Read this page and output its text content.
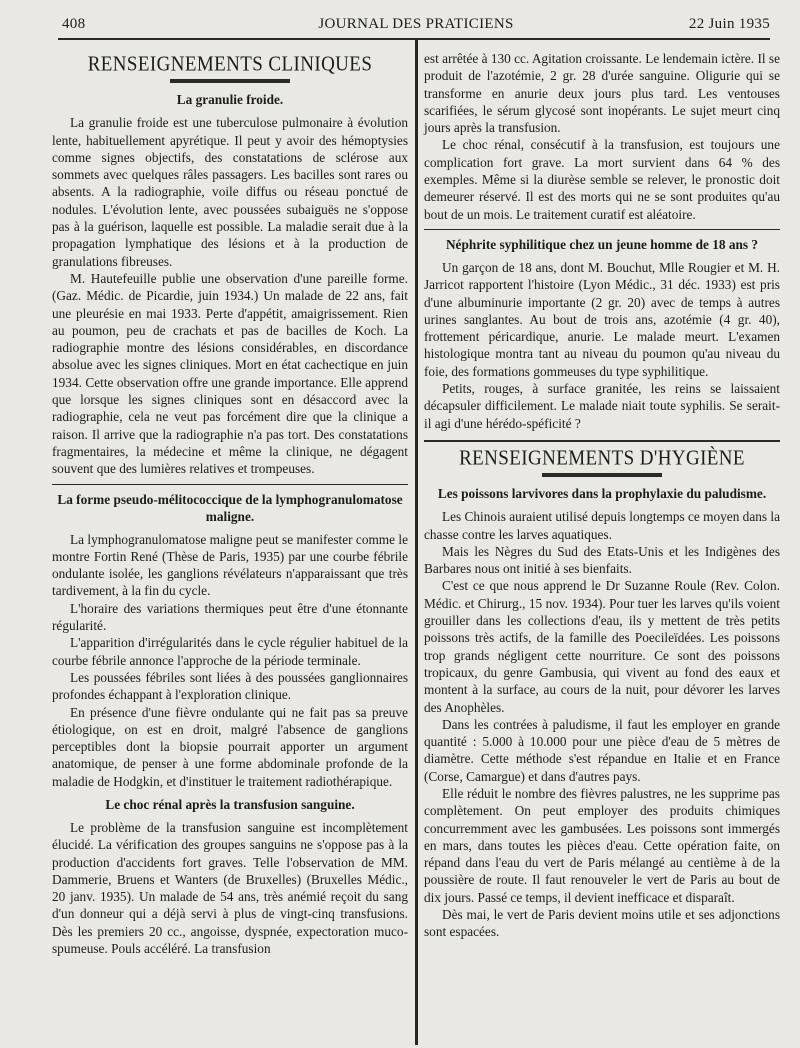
408	JOURNAL DES PRATICIENS	22 Juin 1935
RENSEIGNEMENTS CLINIQUES
La granulie froide.

La granulie froide est une tuberculose pulmonaire à évolution lente, habituellement apyrétique. Il peut y avoir des hémoptysies comme signes objectifs, des constatations de sclérose aux sommets avec quelques râles passagers. Les bacilles sont rares ou absents. A la radiographie, voile diffus ou réseau ponctué de nodules. L'évolution lente, avec poussées subaiguës ne s'oppose pas à la guérison, laquelle est possible. La maladie serait due à la propagation lymphatique des lésions et à la production de granulations fibreuses.

M. Hautefeuille publie une observation d'une pareille forme. (Gaz. Médic. de Picardie, juin 1934.) Un malade de 22 ans, fait une pleurésie en mai 1933. Perte d'appétit, amaigrissement. Rien au poumon, peu de crachats et pas de bacilles de Koch. La radiographie montre des lésions considérables, en discordance absolue avec les signes cliniques. Mort en état cachectique en juin 1934. Cette observation offre une grande importance. Elle apprend que lorsque les signes cliniques sont en désaccord avec la radiographie, cela ne veut pas forcément dire que la clinique a raison. Il arrive que la radiographie n'a pas tort. Des constatations fragmentaires, la médecine et même la clinique, ne dégagent souvent que des lumières relatives et trompeuses.

La forme pseudo-mélitococcique de la lymphogranulomatose maligne.

La lymphogranulomatose maligne peut se manifester comme le montre Fortin René (Thèse de Paris, 1935) par une courbe fébrile ondulante isolée, les ganglions révélateurs n'apparaissant que très tardivement, à la fin du cycle.

L'horaire des variations thermiques peut être d'une étonnante régularité.

L'apparition d'irrégularités dans le cycle régulier habituel de la courbe fébrile annonce l'approche de la période terminale.

Les poussées fébriles sont liées à des poussées ganglionnaires profondes échappant à l'exploration clinique.

En présence d'une fièvre ondulante qui ne fait pas sa preuve étiologique, on est en droit, malgré l'absence de ganglions perceptibles dont la biopsie pourrait apporter un argument anatomique, de penser à une forme abdominale profonde de la maladie de Hodgkin, et d'instituer le traitement radiothérapique.

Le choc rénal après la transfusion sanguine.

Le problème de la transfusion sanguine est incomplètement élucidé. La vérification des groupes sanguins ne s'oppose pas à la production d'accidents fort graves. Telle l'observation de MM. Dammerie, Bruens et Wanters (de Bruxelles) (Bruxelles Médic., 20 janv. 1935). Un malade de 54 ans, très anémié reçoit du sang d'un donneur qui a déjà servi à plus de vingt-cinq transfusions. Dès les premiers 20 cc., angoisse, dyspnée, expectoration muco-spumeuse. Pouls accéléré. La transfusion

est arrêtée à 130 cc. Agitation croissante. Le lendemain ictère. Il se produit de l'azotémie, 2 gr. 28 d'urée sanguine. Oligurie qui se transforme en anurie deux jours plus tard. Les ventouses scarifiées, le sérum glycosé sont inopérants. Le sujet meurt cinq jours après la transfusion.

Le choc rénal, consécutif à la transfusion, est toujours une complication fort grave. La mort survient dans 64 % des exemples. Même si la diurèse semble se relever, le pronostic doit demeurer réservé. Il est des morts qui ne se sont produites qu'au bout de un mois. Le traitement curatif est aléatoire.

Néphrite syphilitique chez un jeune homme de 18 ans ?

Un garçon de 18 ans, dont M. Bouchut, Mlle Rougier et M. H. Jarricot rapportent l'histoire (Lyon Médic., 31 déc. 1933) est pris d'une albuminurie importante (2 gr. 20) avec de temps à autres urines sanglantes. Au bout de trois ans, azotémie (4 gr. 40), frottement péricardique, anurie. Le malade meurt. L'examen histologique montra tant au niveau du poumon qu'au niveau du foie, des formations gommeuses du type syphilitique.

Petits, rouges, à surface granitée, les reins se laissaient décapsuler difficilement. Le malade niait toute syphilis. Se serait-il agi d'une hérédo-spéficité ?

RENSEIGNEMENTS D'HYGIÈNE
Les poissons larvivores dans la prophylaxie du paludisme.

Les Chinois auraient utilisé depuis longtemps ce moyen dans la chasse contre les larves aquatiques.

Mais les Nègres du Sud des Etats-Unis et les Indigènes des Barbares nous ont initié à ses bienfaits.

C'est ce que nous apprend le Dr Suzanne Roule (Rev. Colon. Médic. et Chirurg., 15 nov. 1934). Pour tuer les larves qu'ils voient grouiller dans les collections d'eau, ils y mettent de très petits poissons très actifs, de la famille des Poecileïdées. Les poissons trop grands négligent cette nourriture. Ce sont des poissons tropicaux, du genre Gambusia, qui vivent au fond des eaux et montent à la surface, au cours de la nuit, pour dévorer les larves des Anophèles.

Dans les contrées à paludisme, il faut les employer en grande quantité : 5.000 à 10.000 pour une pièce d'eau de 5 mètres de diamètre. Cette méthode s'est répandue en Italie et en France (Corse, Camargue) et dans d'autres pays.

Elle réduit le nombre des fièvres palustres, ne les supprime pas complètement. On peut employer des produits chimiques concurremment avec les gambusées. Les poissons sont immergés en mars, dans toutes les pièces d'eau. Cette opération faite, on répand dans l'eau du vert de Paris mélangé au centième à de la poussière de route. Il faut renouveler le vert de Paris au bout de dix jours. Passé ce temps, il devient inefficace et disparaît.

Dès mai, le vert de Paris devient moins utile et ses adjonctions sont espacées.
